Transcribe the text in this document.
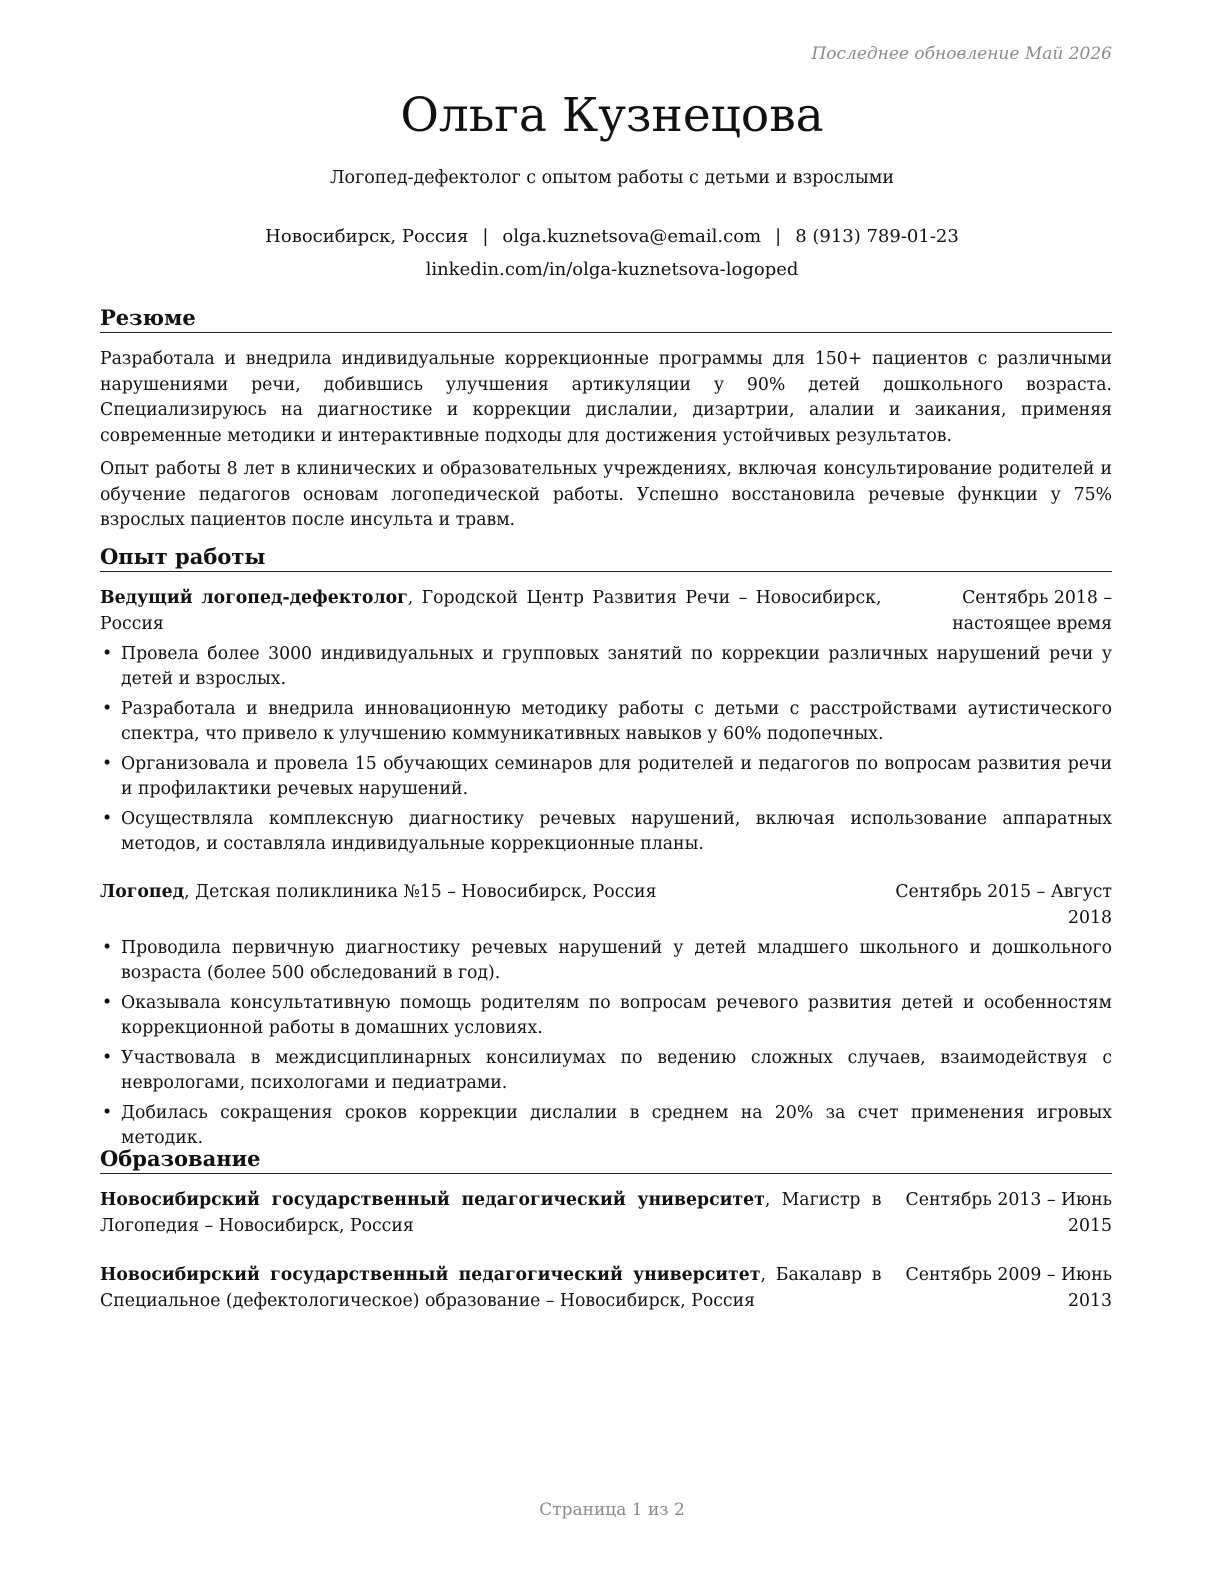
Последнее обновление Май 2026
Ольга Кузнецова
Логопед-дефектолог с опытом работы с детьми и взрослыми
Новосибирск, Россия | olga.kuznetsova@email.com | 8 (913) 789-01-23
linkedin.com/in/olga-kuznetsova-logoped
Резюме

Разработала и внедрила индивидуальные коррекционные программы для 150+ пациентов с различными нарушениями речи, добившись улучшения артикуляции у 90% детей дошкольного возраста. Специализируюсь на диагностике и коррекции дислалии, дизартрии, алалии и заикания, применяя современные методики и интерактивные подходы для достижения устойчивых результатов.

Опыт работы 8 лет в клинических и образовательных учреждениях, включая консультирование родителей и обучение педагогов основам логопедической работы. Успешно восстановила речевые функции у 75% взрослых пациентов после инсульта и травм.

Опыт работы
Ведущий логопед-дефектолог, Городской Центр Развития Речи – Новосибирск, Россия
Сентябрь 2018 – настоящее время
• Провела более 3000 индивидуальных и групповых занятий по коррекции различных нарушений речи у детей и взрослых.
• Разработала и внедрила инновационную методику работы с детьми с расстройствами аутистического спектра, что привело к улучшению коммуникативных навыков у 60% подопечных.
• Организовала и провела 15 обучающих семинаров для родителей и педагогов по вопросам развития речи и профилактики речевых нарушений.
• Осуществляла комплексную диагностику речевых нарушений, включая использование аппаратных методов, и составляла индивидуальные коррекционные планы.
Логопед, Детская поликлиника №15 – Новосибирск, Россия	Сентябрь 2015 – Август 2018
• Проводила первичную диагностику речевых нарушений у детей младшего школьного и дошкольного возраста (более 500 обследований в год).
• Оказывала консультативную помощь родителям по вопросам речевого развития детей и особенностям коррекционной работы в домашних условиях.
• Участвовала в междисциплинарных консилиумах по ведению сложных случаев, взаимодействуя с неврологами, психологами и педиатрами.
• Добилась сокращения сроков коррекции дислалии в среднем на 20% за счет применения игровых методик.
Образование
Новосибирский государственный педагогический университет, Магистр в Логопедия – Новосибирск, Россия
Сентябрь 2013 – Июнь 2015
Новосибирский государственный педагогический университет, Бакалавр в Специальное (дефектологическое) образование – Новосибирск, Россия
Сентябрь 2009 – Июнь 2013
Страница 1 из 2
